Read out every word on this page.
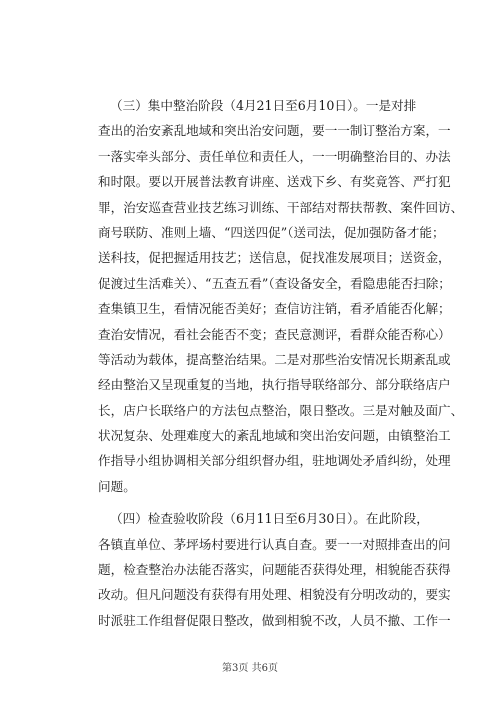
（三）集中整治阶段（4月21日至6月10日）。一是对排
查出的治安紊乱地域和突出治安问题，要一一制订整治方案，一
一落实牵头部分、责任单位和责任人，一一明确整治目的、办法
和时限。要以开展普法教育讲座、送戏下乡、有奖竟答、严打犯
罪，治安巡查营业技艺练习训练、干部结对帮扶帮教、案件回访、
商号联防、准则上墙、“四送四促”（送司法，促加强防备才能；
送科技，促把握适用技艺；送信息，促找准发展项目；送资金，
促渡过生活难关）、“五查五看”（查设备安全，看隐患能否扫除；
查集镇卫生，看情况能否美好；查信访注销，看矛盾能否化解；
查治安情况，看社会能否不变；查民意测评，看群众能否称心）
等活动为载体，提高整治结果。二是对那些治安情况长期紊乱或
经由整治又呈现重复的当地，执行指导联络部分、部分联络店户
长，店户长联络户的方法包点整治，限日整改。三是对触及面广、
状况复杂、处理难度大的紊乱地域和突出治安问题，由镇整治工
作指导小组协调相关部分组织督办组，驻地调处矛盾纠纷，处理
问题。
（四）检查验收阶段（6月11日至6月30日）。在此阶段，
各镇直单位、茅坪场村要进行认真自查。要一一对照排查出的问
题，检查整治办法能否落实，问题能否获得处理，相貌能否获得
改动。但凡问题没有获得有用处理、相貌没有分明改动的，要实
时派驻工作组督促限日整改，做到相貌不改，人员不撤、工作一
第3页 共6页
